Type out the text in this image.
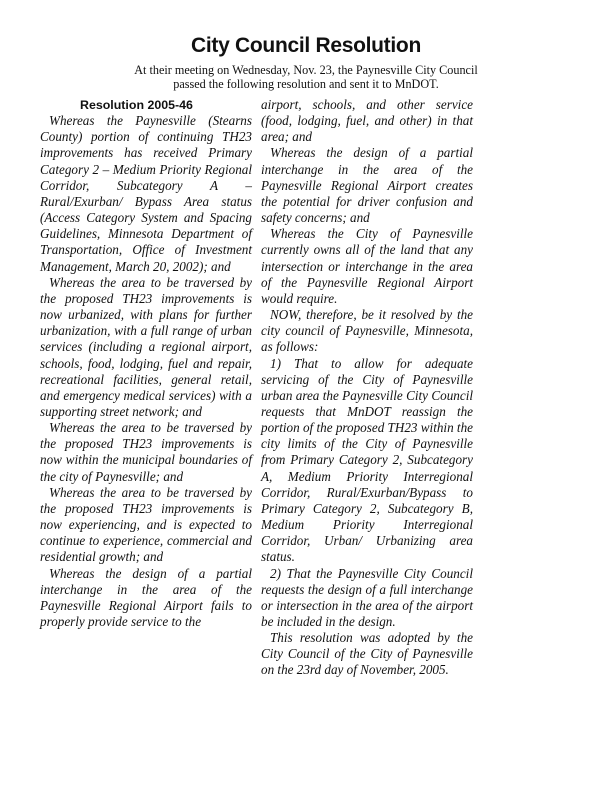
City Council Resolution
At their meeting on Wednesday, Nov. 23, the Paynesville City Council
passed the following resolution and sent it to MnDOT.
Resolution 2005-46

Whereas the Paynesville (Stearns County) portion of continuing TH23 improvements has received Primary Category 2 – Medium Priority Regional Corridor, Subcategory A – Rural/Exurban/ Bypass Area status (Access Category System and Spacing Guidelines, Minnesota Department of Transportation, Office of Investment Management, March 20, 2002); and

Whereas the area to be traversed by the proposed TH23 improvements is now urbanized, with plans for further urbanization, with a full range of urban services (including a regional airport, schools, food, lodging, fuel and repair, recreational facilities, general retail, and emergency medical services) with a supporting street network; and

Whereas the area to be traversed by the proposed TH23 improvements is now within the municipal boundaries of the city of Paynesville; and

Whereas the area to be traversed by the proposed TH23 improvements is now experiencing, and is expected to continue to experience, commercial and residential growth; and

Whereas the design of a partial interchange in the area of the Paynesville Regional Airport fails to properly provide service to the

airport, schools, and other service (food, lodging, fuel, and other) in that area; and

Whereas the design of a partial interchange in the area of the Paynesville Regional Airport creates the potential for driver confusion and safety concerns; and

Whereas the City of Paynesville currently owns all of the land that any intersection or interchange in the area of the Paynesville Regional Airport would require.

NOW, therefore, be it resolved by the city council of Paynesville, Minnesota, as follows:

1) That to allow for adequate servicing of the City of Paynesville urban area the Paynesville City Council requests that MnDOT reassign the portion of the proposed TH23 within the city limits of the City of Paynesville from Primary Category 2, Subcategory A, Medium Priority Interregional Corridor, Rural/Exurban/Bypass to Primary Category 2, Subcategory B, Medium Priority Interregional Corridor, Urban/ Urbanizing area status.

2) That the Paynesville City Council requests the design of a full interchange or intersection in the area of the airport be included in the design.

This resolution was adopted by the City Council of the City of Paynesville on the 23rd day of November, 2005.
